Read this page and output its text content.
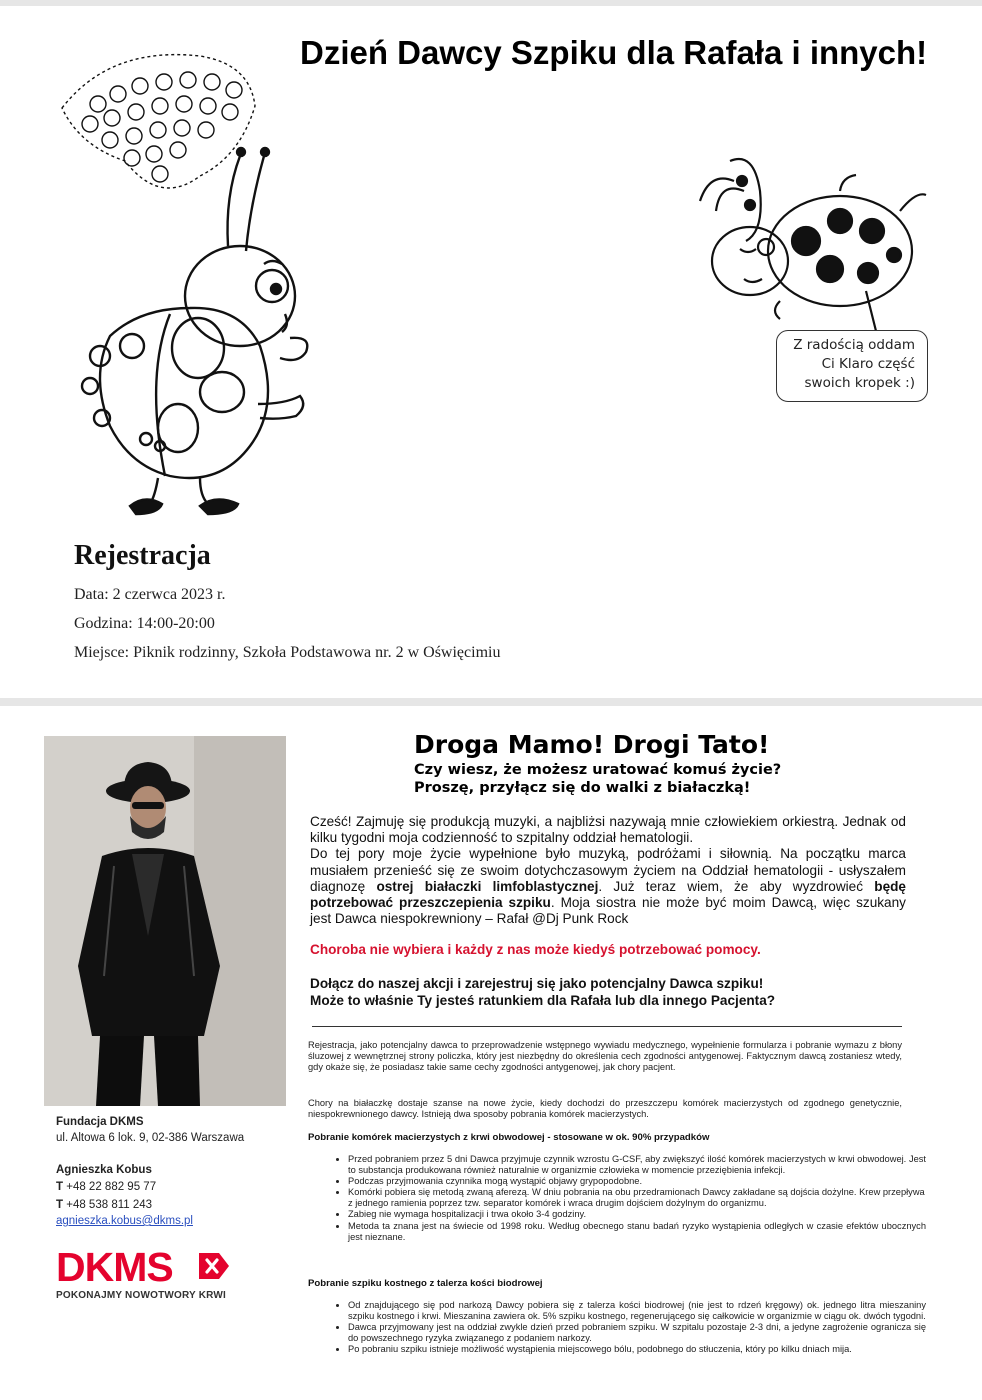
Dzień Dawcy Szpiku dla Rafała i innych!
Z radością oddam
Ci Klaro część
swoich kropek :)
Rejestracja
Data: 2 czerwca 2023 r.
Godzina: 14:00-20:00
Miejsce: Piknik rodzinny, Szkoła Podstawowa nr. 2 w Oświęcimiu
Fundacja DKMS
ul. Altowa 6 lok. 9, 02-386 Warszawa
Agnieszka Kobus
T +48 22 882 95 77
T +48 538 811 243
agnieszka.kobus@dkms.pl
DKMS
POKONAJMY NOWOTWORY KRWI
Droga Mamo! Drogi Tato!
Czy wiesz, że możesz uratować komuś życie?
Proszę, przyłącz się do walki z białaczką!

Cześć! Zajmuję się produkcją muzyki, a najbliżsi nazywają mnie człowiekiem orkiestrą. Jednak od kilku tygodni moja codzienność to szpitalny oddział hematologii.

Do tej pory moje życie wypełnione było muzyką, podróżami i siłownią. Na początku marca musiałem przenieść się ze swoim dotychczasowym życiem na Oddział hematologii - usłyszałem diagnozę ostrej białaczki limfoblastycznej. Już teraz wiem, że aby wyzdrowieć będę potrzebować przeszczepienia szpiku. Moja siostra nie może być moim Dawcą, więc szukany jest Dawca niespokrewniony – Rafał @Dj Punk Rock

Choroba nie wybiera i każdy z nas może kiedyś potrzebować pomocy.

Dołącz do naszej akcji i zarejestruj się jako potencjalny Dawca szpiku!

Może to właśnie Ty jesteś ratunkiem dla Rafała lub dla innego Pacjenta?

Rejestracja, jako potencjalny dawca to przeprowadzenie wstępnego wywiadu medycznego, wypełnienie formularza i pobranie wymazu z błony śluzowej z wewnętrznej strony policzka, który jest niezbędny do określenia cech zgodności antygenowej. Faktycznym dawcą zostaniesz wtedy, gdy okaże się, że posiadasz takie same cechy zgodności antygenowej, jak chory pacjent.

Chory na białaczkę dostaje szanse na nowe życie, kiedy dochodzi do przeszczepu komórek macierzystych od zgodnego genetycznie, niespokrewnionego dawcy. Istnieją dwa sposoby pobrania komórek macierzystych.

Pobranie komórek macierzystych z krwi obwodowej - stosowane w ok. 90% przypadków
• Przed pobraniem przez 5 dni Dawca przyjmuje czynnik wzrostu G-CSF, aby zwiększyć ilość komórek macierzystych w krwi obwodowej. Jest to substancja produkowana również naturalnie w organizmie człowieka w momencie przeziębienia infekcji.
• Podczas przyjmowania czynnika mogą wystąpić objawy grypopodobne.
• Komórki pobiera się metodą zwaną aferezą. W dniu pobrania na obu przedramionach Dawcy zakładane są dojścia dożylne. Krew przepływa
z jednego ramienia poprzez tzw. separator komórek i wraca drugim dojściem dożylnym do organizmu.
• Zabieg nie wymaga hospitalizacji i trwa około 3-4 godziny.
• Metoda ta znana jest na świecie od 1998 roku. Według obecnego stanu badań ryzyko wystąpienia odległych w czasie efektów ubocznych jest nieznane.
Pobranie szpiku kostnego z talerza kości biodrowej
• Od znajdującego się pod narkozą Dawcy pobiera się z talerza kości biodrowej (nie jest to rdzeń kręgowy) ok. jednego litra mieszaniny szpiku kostnego i krwi. Mieszanina zawiera ok. 5% szpiku kostnego, regenerującego się całkowicie w organizmie w ciągu ok. dwóch tygodni.
• Dawca przyjmowany jest na oddział zwykle dzień przed pobraniem szpiku. W szpitalu pozostaje 2-3 dni, a jedyne zagrożenie ogranicza się do powszechnego ryzyka związanego z podaniem narkozy.
• Po pobraniu szpiku istnieje możliwość wystąpienia miejscowego bólu, podobnego do stłuczenia, który po kilku dniach mija.
